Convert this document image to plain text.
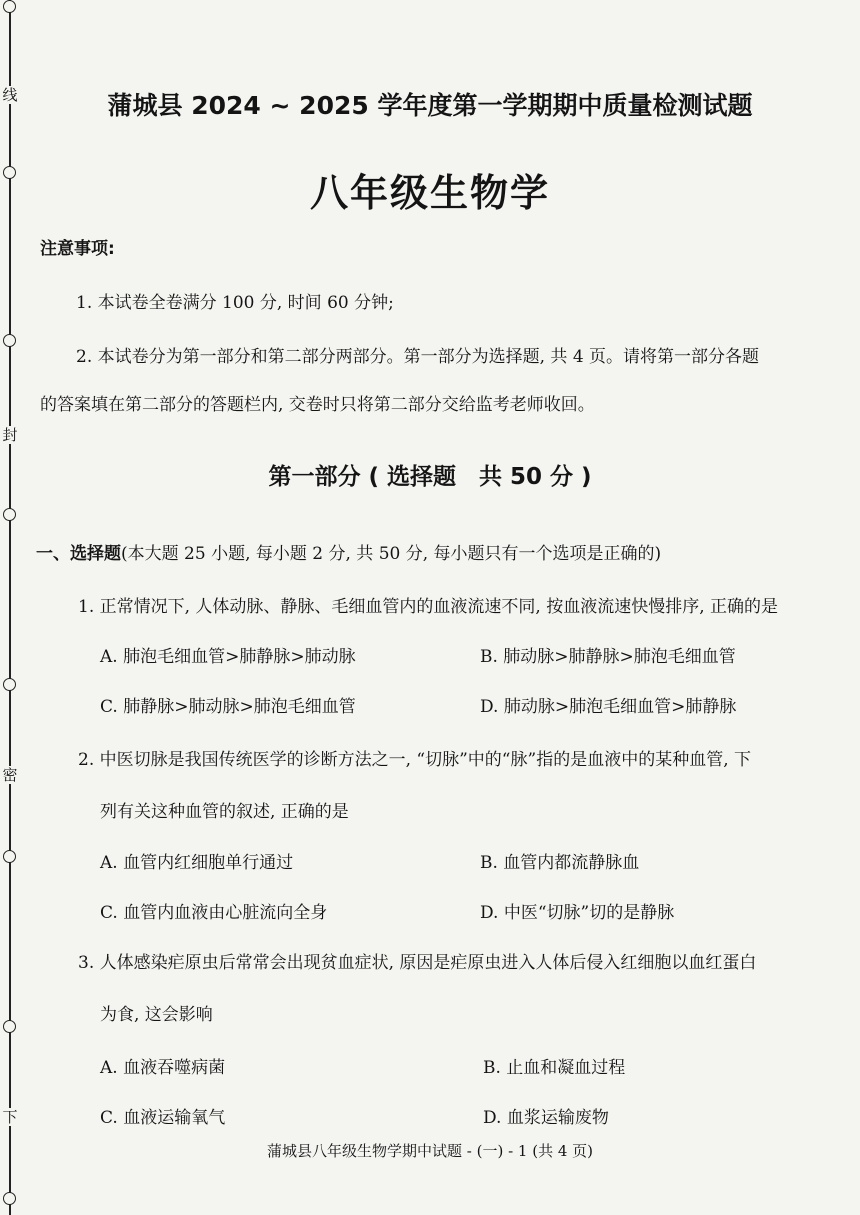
线
封
密
下
蒲城县 2024 ~ 2025 学年度第一学期期中质量检测试题
八年级生物学
注意事项:
1. 本试卷全卷满分 100 分, 时间 60 分钟;
2. 本试卷分为第一部分和第二部分两部分。第一部分为选择题, 共 4 页。请将第一部分各题
的答案填在第二部分的答题栏内, 交卷时只将第二部分交给监考老师收回。
第一部分 ( 选择题　共 50 分 )
一、选择题(本大题 25 小题, 每小题 2 分, 共 50 分, 每小题只有一个选项是正确的)
1. 正常情况下, 人体动脉、静脉、毛细血管内的血液流速不同, 按血液流速快慢排序, 正确的是
A. 肺泡毛细血管>肺静脉>肺动脉	B. 肺动脉>肺静脉>肺泡毛细血管
C. 肺静脉>肺动脉>肺泡毛细血管	D. 肺动脉>肺泡毛细血管>肺静脉
2. 中医切脉是我国传统医学的诊断方法之一, “切脉”中的“脉”指的是血液中的某种血管, 下
列有关这种血管的叙述, 正确的是
A. 血管内红细胞单行通过	B. 血管内都流静脉血
C. 血管内血液由心脏流向全身	D. 中医“切脉”切的是静脉
3. 人体感染疟原虫后常常会出现贫血症状, 原因是疟原虫进入人体后侵入红细胞以血红蛋白
为食, 这会影响
A. 血液吞噬病菌	B. 止血和凝血过程
C. 血液运输氧气	D. 血浆运输废物
蒲城县八年级生物学期中试题 - (一) - 1 (共 4 页)
